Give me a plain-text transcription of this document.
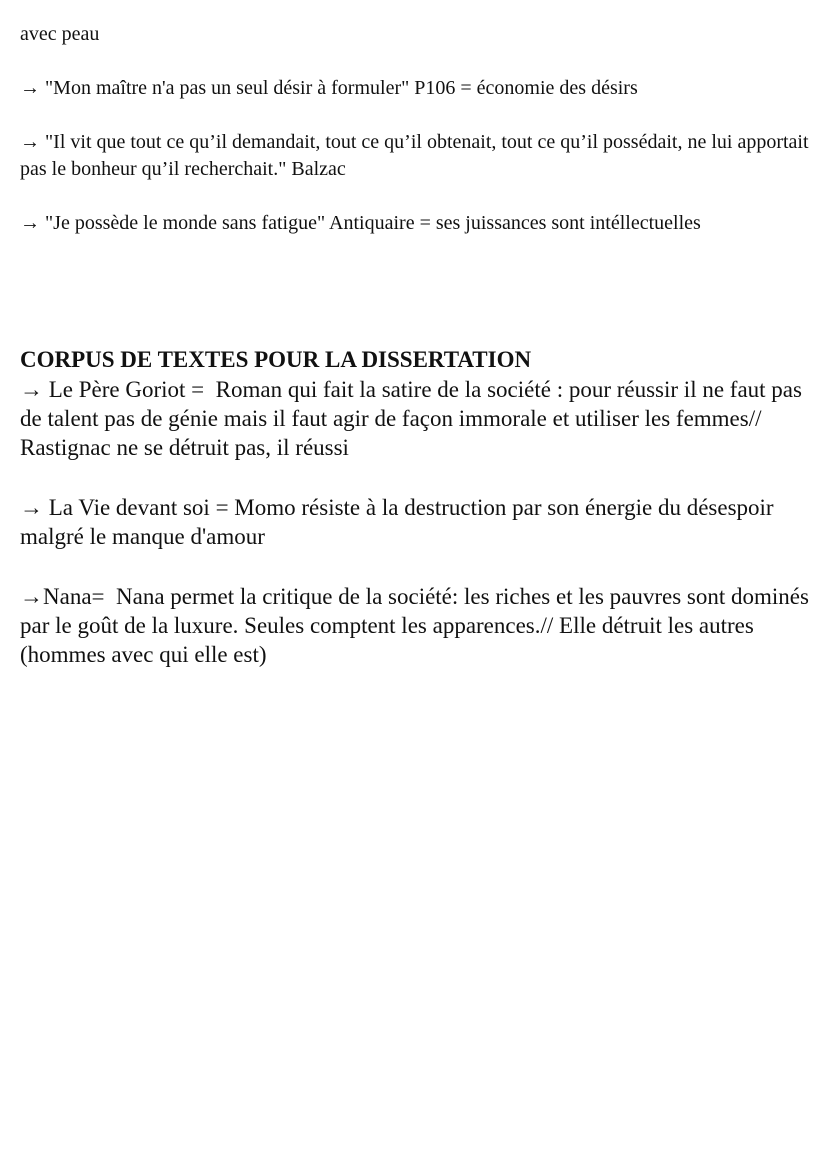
avec peau

→ "Mon maître n'a pas un seul désir à formuler" P106 = économie des désirs

→ "Il vit que tout ce qu’il demandait, tout ce qu’il obtenait, tout ce qu’il possédait, ne lui apportait pas le bonheur qu’il recherchait." Balzac

→ "Je possède le monde sans fatigue" Antiquaire = ses juissances sont intéllectuelles

CORPUS DE TEXTES POUR LA DISSERTATION

→ Le Père Goriot =  Roman qui fait la satire de la société : pour réussir il ne faut pas de talent pas de génie mais il faut agir de façon immorale et utiliser les femmes// Rastignac ne se détruit pas, il réussi

→ La Vie devant soi = Momo résiste à la destruction par son énergie du désespoir malgré le manque d'amour

→Nana=  Nana permet la critique de la société: les riches et les pauvres sont dominés par le goût de la luxure. Seules comptent les apparences.// Elle détruit les autres (hommes avec qui elle est)
